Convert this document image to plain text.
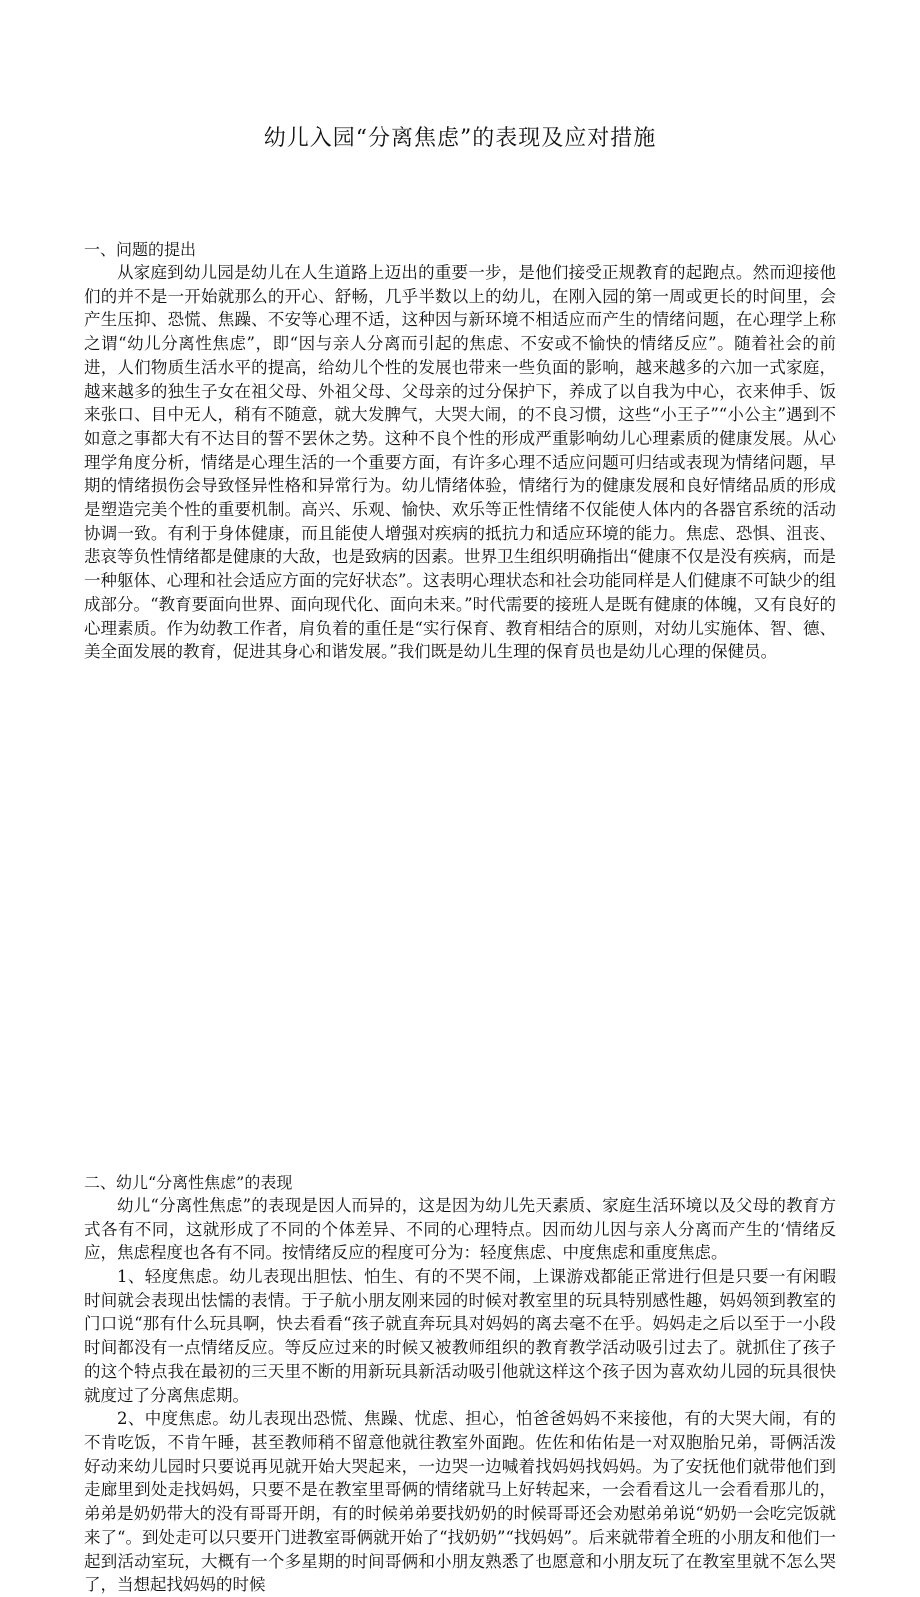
幼儿入园“分离焦虑”的表现及应对措施
一、问题的提出

从家庭到幼儿园是幼儿在人生道路上迈出的重要一步，是他们接受正规教育的起跑点。然而迎接他们的并不是一开始就那么的开心、舒畅，几乎半数以上的幼儿，在刚入园的第一周或更长的时间里，会产生压抑、恐慌、焦躁、不安等心理不适，这种因与新环境不相适应而产生的情绪问题，在心理学上称之谓“幼儿分离性焦虑”，即“因与亲人分离而引起的焦虑、不安或不愉快的情绪反应”。随着社会的前进，人们物质生活水平的提高，给幼儿个性的发展也带来一些负面的影响，越来越多的六加一式家庭，越来越多的独生子女在祖父母、外祖父母、父母亲的过分保护下，养成了以自我为中心，衣来伸手、饭来张口、目中无人，稍有不随意，就大发脾气，大哭大闹，的不良习惯，这些“小王子”“小公主”遇到不如意之事都大有不达目的誓不罢休之势。这种不良个性的形成严重影响幼儿心理素质的健康发展。从心理学角度分析，情绪是心理生活的一个重要方面，有许多心理不适应问题可归结或表现为情绪问题，早期的情绪损伤会导致怪异性格和异常行为。幼儿情绪体验，情绪行为的健康发展和良好情绪品质的形成是塑造完美个性的重要机制。高兴、乐观、愉快、欢乐等正性情绪不仅能使人体内的各器官系统的活动协调一致。有利于身体健康，而且能使人增强对疾病的抵抗力和适应环境的能力。焦虑、恐惧、沮丧、悲哀等负性情绪都是健康的大敌，也是致病的因素。世界卫生组织明确指出“健康不仅是没有疾病，而是一种躯体、心理和社会适应方面的完好状态”。这表明心理状态和社会功能同样是人们健康不可缺少的组成部分。“教育要面向世界、面向现代化、面向未来。”时代需要的接班人是既有健康的体魄，又有良好的心理素质。作为幼教工作者，肩负着的重任是“实行保育、教育相结合的原则，对幼儿实施体、智、德、美全面发展的教育，促进其身心和谐发展。”我们既是幼儿生理的保育员也是幼儿心理的保健员。

二、幼儿“分离性焦虑”的表现

幼儿“分离性焦虑”的表现是因人而异的，这是因为幼儿先天素质、家庭生活环境以及父母的教育方式各有不同，这就形成了不同的个体差异、不同的心理特点。因而幼儿因与亲人分离而产生的‘情绪反应，焦虑程度也各有不同。按情绪反应的程度可分为：轻度焦虑、中度焦虑和重度焦虑。

1、轻度焦虑。幼儿表现出胆怯、怕生、有的不哭不闹，上课游戏都能正常进行但是只要一有闲暇时间就会表现出怯懦的表情。于子航小朋友刚来园的时候对教室里的玩具特别感性趣，妈妈领到教室的门口说“那有什么玩具啊，快去看看“孩子就直奔玩具对妈妈的离去毫不在乎。妈妈走之后以至于一小段时间都没有一点情绪反应。等反应过来的时候又被教师组织的教育教学活动吸引过去了。就抓住了孩子的这个特点我在最初的三天里不断的用新玩具新活动吸引他就这样这个孩子因为喜欢幼儿园的玩具很快就度过了分离焦虑期。

2、中度焦虑。幼儿表现出恐慌、焦躁、忧虑、担心，怕爸爸妈妈不来接他，有的大哭大闹，有的不肯吃饭，不肯午睡，甚至教师稍不留意他就往教室外面跑。佐佐和佑佑是一对双胞胎兄弟，哥俩活泼好动来幼儿园时只要说再见就开始大哭起来，一边哭一边喊着找妈妈找妈妈。为了安抚他们就带他们到走廊里到处走找妈妈，只要不是在教室里哥俩的情绪就马上好转起来，一会看看这儿一会看看那儿的，弟弟是奶奶带大的没有哥哥开朗，有的时候弟弟要找奶奶的时候哥哥还会劝慰弟弟说“奶奶一会吃完饭就来了“。到处走可以只要开门进教室哥俩就开始了“找奶奶”“找妈妈”。后来就带着全班的小朋友和他们一起到活动室玩，大概有一个多星期的时间哥俩和小朋友熟悉了也愿意和小朋友玩了在教室里就不怎么哭了，当想起找妈妈的时候
